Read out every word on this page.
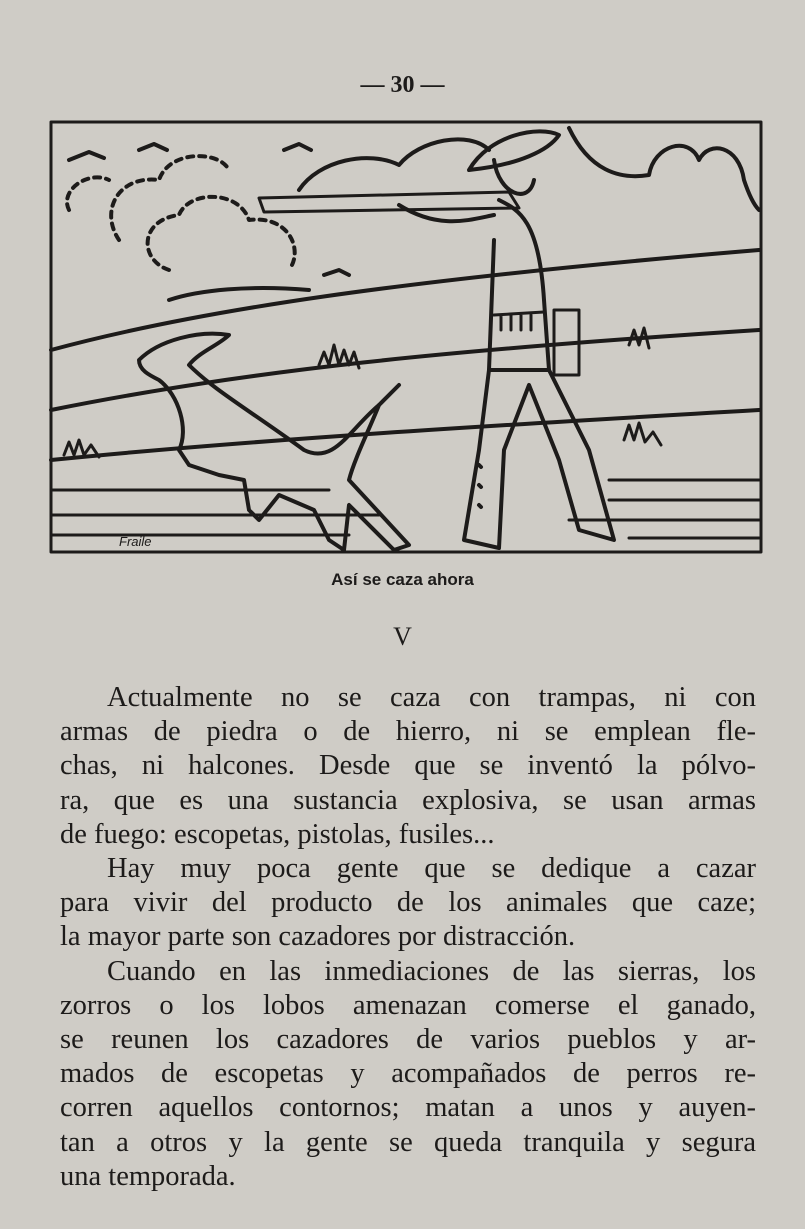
— 30 —
Fraile
Así se caza ahora
V

Actualmente no se caza con trampas, ni con
armas de piedra o de hierro, ni se emplean fle-
chas, ni halcones. Desde que se inventó la pólvo-
ra, que es una sustancia explosiva, se usan armas
de fuego: escopetas, pistolas, fusiles...

Hay muy poca gente que se dedique a cazar
para vivir del producto de los animales que caze;
la mayor parte son cazadores por distracción.

Cuando en las inmediaciones de las sierras, los
zorros o los lobos amenazan comerse el ganado,
se reunen los cazadores de varios pueblos y ar-
mados de escopetas y acompañados de perros re-
corren aquellos contornos; matan a unos y auyen-
tan a otros y la gente se queda tranquila y segura
una temporada.
